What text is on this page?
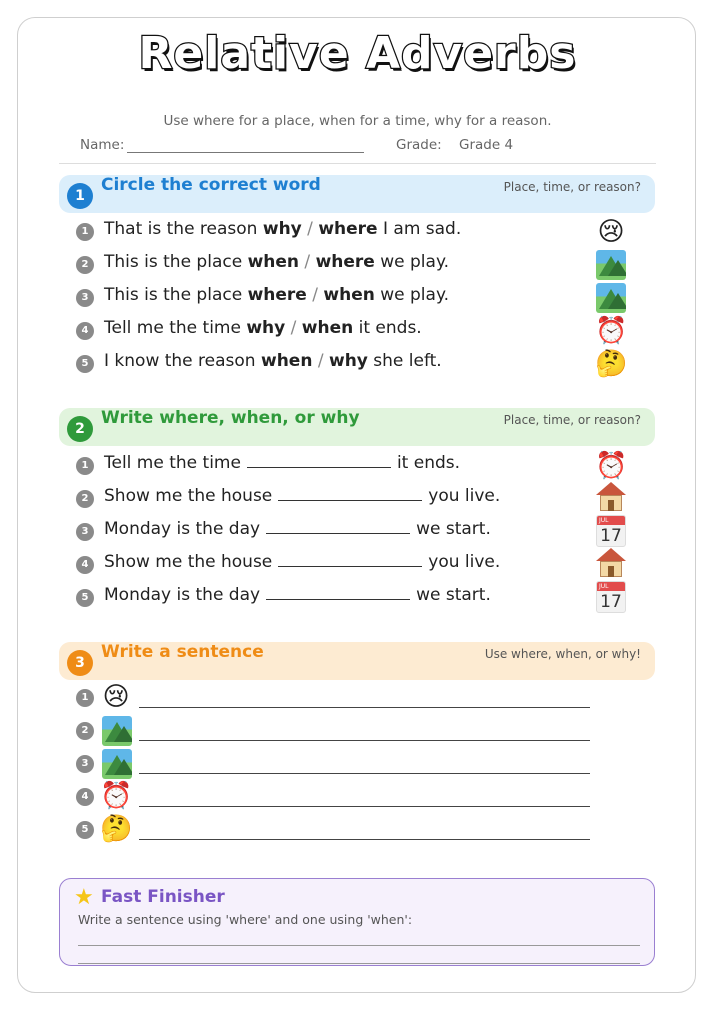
Relative Adverbs
Use where for a place, when for a time, why for a reason.
Name:	Grade: Grade 4
1
Circle the correct word	Place, time, or reason?
1 That is the reason why / where I am sad.	😢
2 This is the place when / where we play.
3 This is the place where / when we play.
4 Tell me the time why / when it ends.	⏰
5 I know the reason when / why she left.	🤔
2
Write where, when, or why	Place, time, or reason?
1 Tell me the time	it ends.	⏰
2 Show me the house	you live.
3 Monday is the day	we start.	JUL
17
4 Show me the house	you live.
5 Monday is the day	we start.	JUL
17
3
Write a sentence	Use where, when, or why!
1 😢
2
3
4 ⏰
5 🤔
★ Fast Finisher
Write a sentence using 'where' and one using 'when':
